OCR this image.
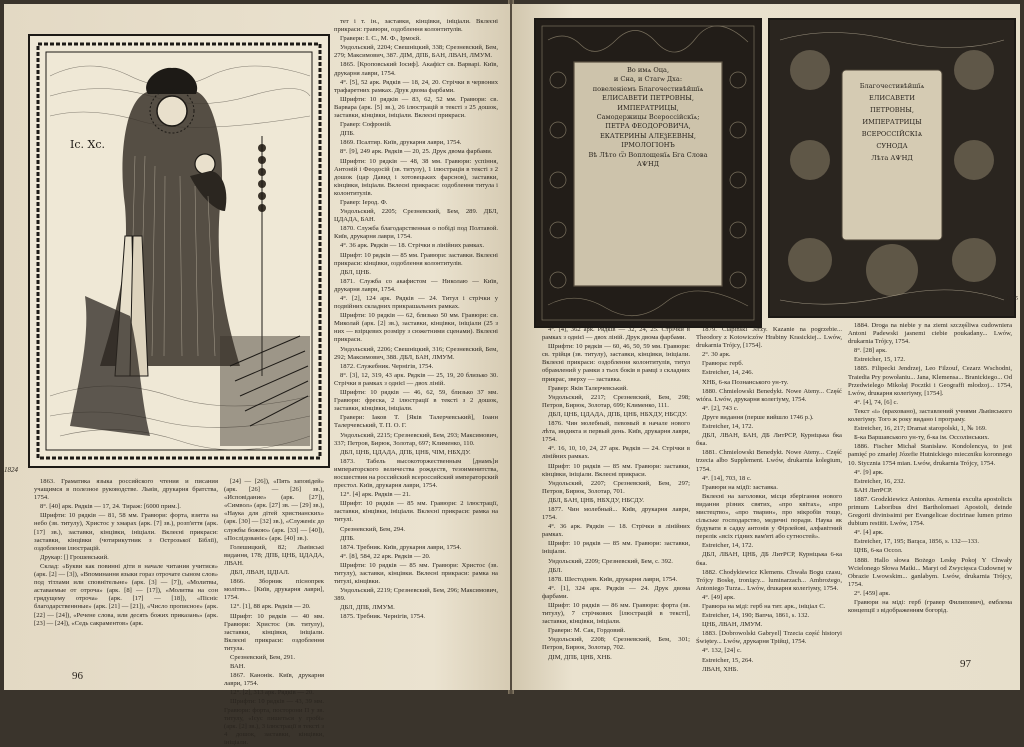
Іс. Хс.
1824

тет і т. ін., заставки, кінцівки, ініціали. Вклеєні прикраси: гравюри, оздоблення колонтитулів.

Гравери: І. С., М. Ф., Ірмоєй.

Ундольский, 2204; Свешніцкий, 338; Срезневский, Бем, 279; Максимович, 387. ДІМ, ДПБ, БАН, ЛВАН, ЛМУМ.

1865. [Кроповський Іосиф]. Акафіст св. Варварі. Київ, друкарня лаври, 1754.

4°. [5], 52 арк. Рядків — 18, 24, 20. Стрічки в червоних трафаретних рамках. Друк двома фарбами.

Шрифти: 10 рядків — 83, 62, 52 мм. Гравюри: св. Варвара (арк. [5] зв.), 26 ілюстрацій в тексті з 25 дошок, заставки, кінцівки, ініціали. Вклеєні прикраси.

Гравер: Софроній.

ДПБ.

1869. Псалтир. Київ, друкарня лаври, 1754.

8°. [9], 249 арк. Рядків — 20, 25. Друк двома фарбами.

Шрифти: 10 рядків — 48, 38 мм. Гравюри: успіння, Антоній і Феодосій (зв. титулу), 1 ілюстрація в тексті з 2 дошок (цар Давид і хотовецьких фарснов), заставки, кінцівки, ініціали. Вклеєні прикраси: оздоблення титула і колонтитулів.

Гравер: Іерод. Ф.

Ундольский, 2205; Срезневский, Бем, 289. ДБЛ, ЦДАДА, БАН.

1870. Служба благодарственная о побіді под Полтавой. Київ, друкарня лаври, 1754.

4°. 36 арк. Рядків — 18. Стрічки в лінійних рамках.

Шрифт: 10 рядків — 85 мм. Гравюри: заставки. Вклеєні прикраси: кінцівки, оздоблення колонтитулів.

ДБЛ, ЦНБ.

1871. Служба со акафистом — Николаю — Київ, друкарня лаври, 1754.

4°. [2], 124 арк. Рядків — 24. Титул і стрічки у подвійних складних прикрашальних рамках.

Шрифти: 10 рядків — 62, близько 50 мм. Гравюри: св. Миколай (арк. [2] зв.), заставки, кінцівки, ініціали (25 з них — взірцевих розміру з сюжетними сценами). Вклеєні прикраси.

Ундольский, 2206; Свешніцкий, 316; Срезневский, Бем, 292; Максимович, 388. ДБЛ, БАН, ЛМУМ.

1872. Служебник. Чернігів, 1754.

8°. [3], 12, 319, 43 арк. Рядків — 25, 19, 20 близько 30. Стрічки в рамках з однієї — двох ліній.

Шрифти: 10 рядків — 46, 62, 59, близько 37 мм. Гравюри: фреска, 2 ілюстрації в тексті з 2 дошок, заставки, кінцівки, ініціали.

Гравери: Іаков Т. [Яків Талерчевський], Іоанн Талерчевський, Т. П. О. Г.

Ундольский, 2215; Срезневский, Бем, 293; Максимович, 337; Петров, Бирюк, Золотар, 697; Клименко, 110.

ДБЛ, ЦНБ, ЦДАДА, ДПБ, ЦНБ, ЧІМ, НБХДУ.

1873. Табель высокоторжественным [днамъ]и императорского величества рождеств, тезоименитства, восшествия на российский всероссийский императорский престол. Київ, друкарня лаври, 1754.

12°. [4] арк. Рядків — 21.

Шрифт: 10 рядків — 85 мм. Гравюри: 2 ілюстрації, заставки, кінцівки, ініціали. Вклеєні прикраси: рамка на титулі.

Срезневский, Бем, 294.

ДПБ.

1874. Требник. Київ, друкарня лаври, 1754.

4°. [8], 584, 22 арк. Рядків — 20.

Шрифти: 10 рядків — 85 мм. Гравюри: Христос (зв. титулу), заставки, кінцівки. Вклеєні прикраси: рамка на титулі, кінцівки.

Ундольский, 2219; Срезневский, Бем, 296; Максимович, 389.

ДБЛ, ДПБ, ЛМУМ.

1875. Требник. Чернігів, 1754.

1863. Граматика языка российского чтения и писания учащимся в полезное руководстве. Львів, друкарня братства, 1754.

8°. [40] арк. Рядків — 17, 24. Тираж: [6000 прим.].

Шрифти: 10 рядків — 81, 58 мм. Гравюри: форта, взятта на небо (зв. титулу), Христос у хмарах (арк. [7] зв.), розп'яття (арк. [17] зв.), заставки, кінцівки, ініціали. Вклеєні прикраси: заставки, кінцівки (чотирикутник з Острозької Біблії), оздоблення ілюстрацій.

Друкар: [] Грошевський.

Склад: «Букви как повинні діти в начале читания учитися» (арк. [2] — [3]), «Впоминання языки гораз отрочате сыном слов» под тітлами или сповнітельне» (арк. [3] — [7]), «Молитвы, аставаемые от отроча» (арк. [8] — [17]), «Молитва на сон грядущему отроча» (арк. [17] — [18]), «Пісніс благодарственнные» (арк. [21] — [21]), «Число прописное» (арк. [22] — [24]), «Речене слова, или десять божих приказань» (арк. [23] — [24]), «Седь сакраментов» (арк.

[24] — [26]), «Пять заповідей» (арк. [26] — [26] зв.), «Исповідание» (арк. [27]), «Символ» (арк. [27] зв. — [29] зв.), «Наука для дітей христианских» (арк. [30] — [32] зв.), «Служеніє до службы божою» (арк. [33] — [40]), «Послідованіє» (арк. [40] зв.).

Голешицкий, 82; Львівські видання, 178; ДПБ, ЦНБ, ЦДАДА, ЛВАН.

ДБЛ, ЛВАН, ЦДІАЛ.

1866. Зборник піснопрек молітвъ... [Київ, друкарня лаври], 1754.

12°. [1], 88 арк. Рядків — 20.

Шрифт: 10 рядків — 40 мм. Гравюри: Христос (зв. титулу), заставки, кінцівки, ініціали. Вклеєні прикраси: оздоблення титула.

Срезневский, Бем, 291.

ВАН.

1867. Канонік. Київ, друкарня лаври, 1754.

12°. [2], 313 арк. Рядків — 20.

Шрифти: 10 рядків — 43, 39 мм. Гравюри: форта, посторони П у зв. титулу, «Ісус пишеться у гробі» (арк. [2] зв.), 3 ілюстрації в тексті з 4 дошок, заставки, кінцівки, ініціали.

96
Во имѧ Оца,
и Сна, и Стагѡ Дха:
повеленіемъ Благочестивѣйшїѧ
ЕЛИСАВЕТИ ПЕТРОВНЫ,
ИМПЕРАТРИЦЫ,
Самодержицы Всероссійскїѧ;
ПЕТРА ФЕОДОРОВИЧА,
ЕКАТЕРИНЫ АЛЕѮЕЕВНЫ,
ІРМОЛОГІОНЪ
Вѣ Лѣто Ѿ Воплощенїѧ Бга Слова
АѰНД
Благочестивѣйшїѧ
ЕЛИСАВЕТИ
ПЕТРОВНЫ,
ИМПЕРАТРИЦЫ
ВСЕРОССІЙСКІѦ
СУНОДА
Лѣта АѰНД
1825

4°. [4], 362 арк. Рядків — 32, 24, 25. Стрічки в рамках з однієї — двох ліній. Друк двома фарбами.

Шрифти: 10 рядків — 60, 46, 50, 59 мм. Гравюри: св. трійця (зв. титулу), заставки, кінцівки, ініціали. Вклеєні прикраси: оздоблення колонтитулів, титул обрамлений у рамки з тьох боків в рамці з складних прикрас, зверху — заставка.

Гравер: Яків Талерчевський.

Ундольский, 2217; Срезневский, Бем, 298; Петров, Бирюк, Золотар, 699; Клименко, 111.

ДБЛ, ЦНБ, ЦДАДА, ДПБ, ЦНБ, НБХДУ, НБСДУ.

1876. Чин молебный, певомый в начале нового лѣта, индикта и первый день. Київ, друкарня лаври, 1754.

4°. 16, 10, 10, 24, 27 арк. Рядків — 24. Стрічки в лінійних рамках.

Шрифт: 10 рядків — 85 мм. Гравюри: заставки, кінцівки, ініціали. Вклеєні прикраси.

Ундольский, 2207; Срезневский, Бем, 297; Петров, Бирюк, Золотар, 701.

ДБЛ, БАН, ЦНБ, НБХДУ, НБСДУ.

1877. Чин молебный... Київ, друкарня лаври, 1754.

4°. 36 арк. Рядків — 18. Стрічки в лінійних рамках.

Шрифт: 10 рядків — 85 мм. Гравюри: заставки, ініціали.

Ундольский, 2209; Срезневский, Бем, с. 392.

ДБЛ.

1878. Шестоднев. Київ, друкарня лаври, 1754.

4°. [1], 324 арк. Рядків — 24. Друк двома фарбами.

Шрифт: 10 рядків — 86 мм. Гравюри: форта (зв. титулу), 7 стрічкових [ілюстрацій в тексті], заставки, кінцівки, ініціали.

Гравери: М. Сак, Гордовий.

Ундольский, 2208; Срезневский, Бем, 301; Петров, Бирюк, Золотар, 702.

ДІМ, ДПБ, ЦНБ, ХНБ.

1879. Ciapiński Jerzy. Kazanie na pogrzebie... Theodory z Kotowiczów Hrabiny Krasickiej... Lwów, drukarnia Trójcy, [1754].

2°. 30 арк.

Гравюра: герб.

Estreicher, 14, 246.

ХНБ, 6-ка Познанського ун-ту.

1880. Chmielowski Benedykt. Nowe Ateny... Część wtóra. Lwów, друкарня колегіуму, 1754.

4°. [2], 743 с.

Друге видання (перше вийшло 1746 р.).

Estreicher, 14, 172.

ДБЛ, ЛВАН, БАН, ДБ ЛитРСР, Курніцька бка бка.

1881. Chmielowski Benedykt. Nowe Ateny... Część trzecia albo Supplement. Lwów, drukarnia kolegium, 1754.

4°. [14], 703, 18 с.

Гравюри на мідії: заставка.

Вклеєні на заголовки, місця зберігання нового видання різних святих, «про квітах», «про мистецтво», «про тварин», про мікробів тощо, сільське господарство, медичні поради. Наука як будувати в садку антонів у Фірлейові, алфавітний перелік «всіх гідних вам'яті або сутностей».

Estreicher, 14, 172.

ДБЛ, ЛВАН, ЦНБ, ДБ ЛитРСР, Курніцька 6-ка бка.

1882. Chodykiewicz Klemens. Chwała Bogu czasu, Trójcy Boskę, troniący... luminarzach... Ambrożego, Antoniego Turza... Lwów, druкарня колегіуму, 1754.

4°. [49] арк.

Гравюра на міді: герб на тит. арк., ініціал C.

Estreicher, 14, 190; Вапча, 1861, s. 132.

ЦНБ, ЛВАН, ЛМУМ.

1883. [Dobrowolski Gabryel] Trzecia część historyi Świętey... Lwów, друкарня Трійці, 1754.

4°. 132, [24] с.

Estreicher, 15, 264.

ЛВАН, ХНБ.

1884. Droga na niebie y na ziemi szczęśliwa cudowniera Antoni Padewski jasnemi ciebie poukadany... Lwów, drukarnia Trójcy, 1754.

8°. [28] арк.

Estreicher, 15, 172.

1885. Filipecki Jendrzej, Leo Filzouf, Cezarz Wschodni, Traiedia Pry powołaniu... Jana, Klemensa... Branickiego... Od Przedwielego Mikołaj Pocztki i Geograffi młodzoj... 1754, Lwów, druкарня колегіуму, [1754].

4°. [4], 74, [6] с.

Текст «і» (враховано), заставлений учнями Львівського колегіуму. Того ж року видано і програму.

Estreicher, 16, 217; Dramat staropolski, 1, № 169.

Б-ка Варшавського ун-ту, б-ка ім. Оссолінських.

1886. Fischer Michał Stanisław. Kondolencya, to jest pamięć po zmarłej Józefie Hutnickiego mieczniku koronnego 10. Stycznia 1754 mian. Lwów, drukarnia Trójcy, 1754.

4°. [9] арк.

Estreicher, 16, 232.

БАН ЛитРСР.

1887. Grodzkiewicz Antonius. Armenia exculta apostolicis primum Laboribus divi Bartholomaei Apostoli, deinde Gregorii divinissimi per Evangelicae doctrinae lumen primo dubium restitit. Lwów, 1754.

4°. [4] арк.

Estreicher, 17, 195; Barąca, 1856, s. 132—133.

ЦНБ, 6-ка Оссол.

1888. Hallo słowa Bożego Leskę Pokoj Y Chwały Wcielonego Słowa Matki... Maryi od Zwycięsca Cudownej w Obrazie Lwowskim... ganlabym. Lwów, drukarnia Trójcy, 1754.

2°. [459] арк.

Гравюри на міді: герб (гравер Филипович), емблема концепції з відображенням богорід.

97
